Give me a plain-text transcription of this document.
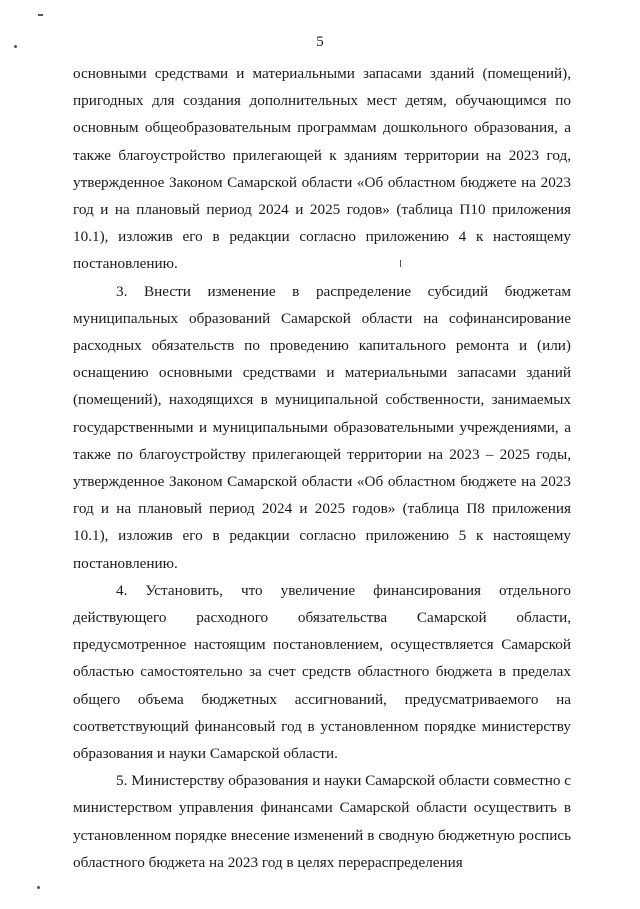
5

основными средствами и материальными запасами зданий (помещений), пригодных для создания дополнительных мест детям, обучающимся по основным общеобразовательным программам дошкольного образования, а также благоустройство прилегающей к зданиям территории на 2023 год, утвержденное Законом Самарской области «Об областном бюджете на 2023 год и на плановый период 2024 и 2025 годов» (таблица П10 приложения 10.1), изложив его в редакции согласно приложению 4 к настоящему постановлению.

3. Внести изменение в распределение субсидий бюджетам муниципальных образований Самарской области на софинансирование расходных обязательств по проведению капитального ремонта и (или) оснащению основными средствами и материальными запасами зданий (помещений), находящихся в муниципальной собственности, занимаемых государственными и муниципальными образовательными учреждениями, а также по благоустройству прилегающей территории на 2023 – 2025 годы, утвержденное Законом Самарской области «Об областном бюджете на 2023 год и на плановый период 2024 и 2025 годов» (таблица П8 приложения 10.1), изложив его в редакции согласно приложению 5 к настоящему постановлению.

4. Установить, что увеличение финансирования отдельного действующего расходного обязательства Самарской области, предусмотренное настоящим постановлением, осуществляется Самарской областью самостоятельно за счет средств областного бюджета в пределах общего объема бюджетных ассигнований, предусматриваемого на соответствующий финансовый год в установленном порядке министерству образования и науки Самарской области.

5. Министерству образования и науки Самарской области совместно с министерством управления финансами Самарской области осуществить в установленном порядке внесение изменений в сводную бюджетную роспись областного бюджета на 2023 год в целях перераспределения
